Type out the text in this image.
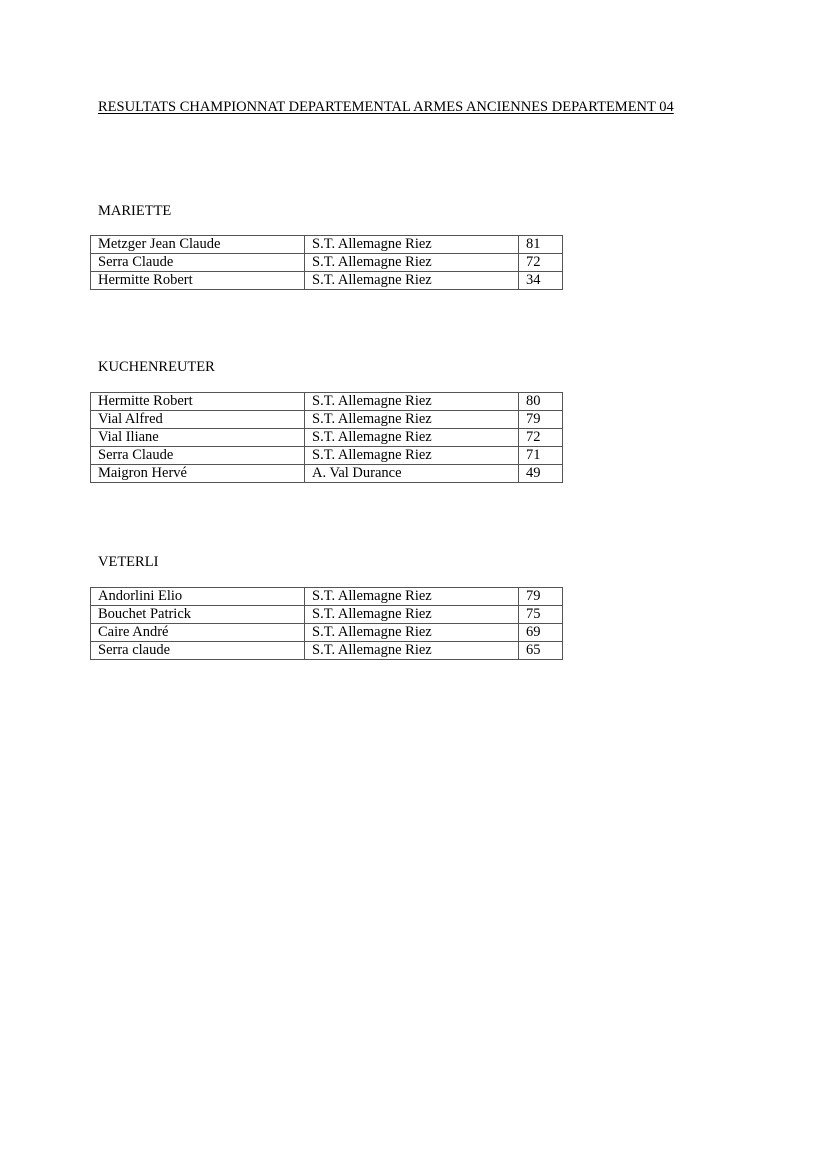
RESULTATS CHAMPIONNAT DEPARTEMENTAL ARMES ANCIENNES DEPARTEMENT 04
MARIETTE
Metzger Jean Claude	S.T. Allemagne Riez	81
Serra Claude	S.T. Allemagne Riez	72
Hermitte Robert	S.T. Allemagne Riez	34
KUCHENREUTER
Hermitte Robert	S.T. Allemagne Riez	80
Vial Alfred	S.T. Allemagne Riez	79
Vial Iliane	S.T. Allemagne Riez	72
Serra Claude	S.T. Allemagne Riez	71
Maigron Hervé	A. Val Durance	49
VETERLI
Andorlini Elio	S.T. Allemagne Riez	79
Bouchet Patrick	S.T. Allemagne Riez	75
Caire André	S.T. Allemagne Riez	69
Serra claude	S.T. Allemagne Riez	65
